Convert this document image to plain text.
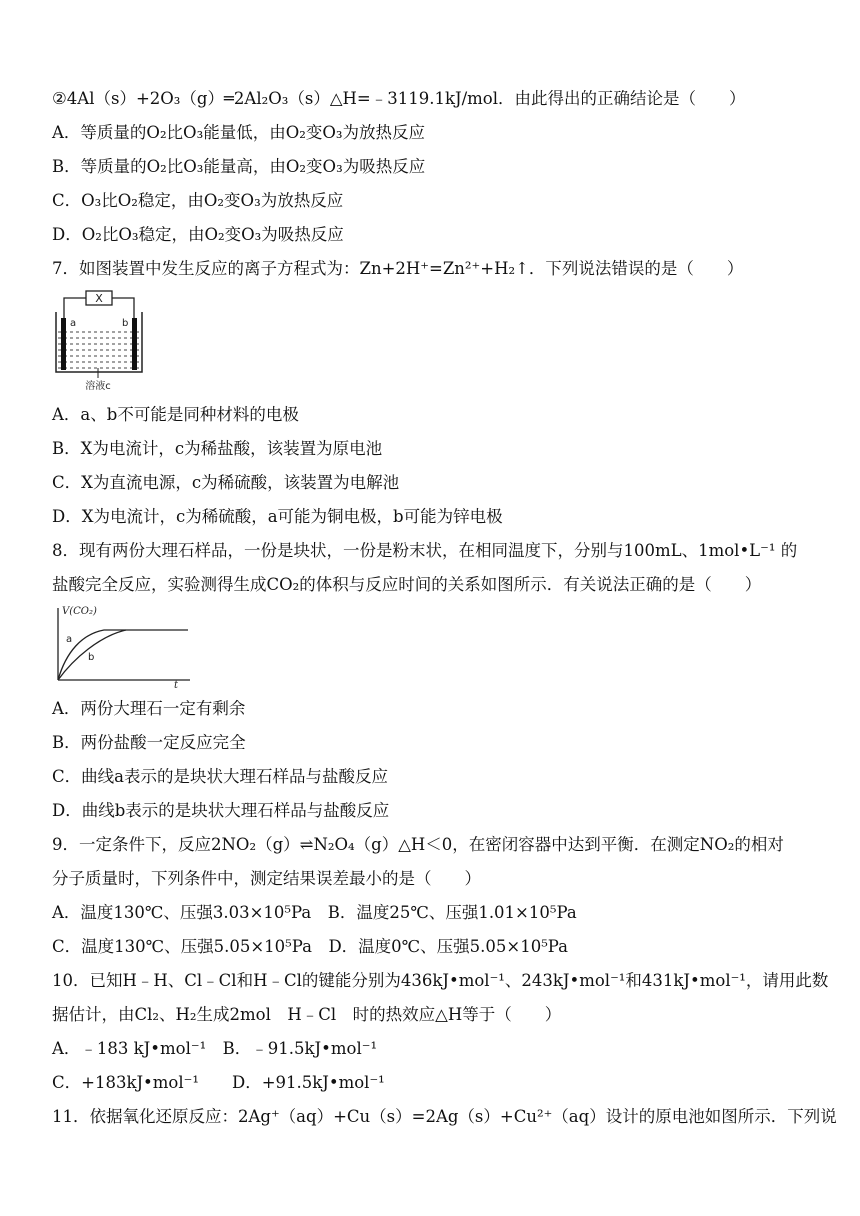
②4Al（s）+2O₃（g）═2Al₂O₃（s）△H=﹣3119.1kJ/mol．由此得出的正确结论是（　　）
A．等质量的O₂比O₃能量低，由O₂变O₃为放热反应
B．等质量的O₂比O₃能量高，由O₂变O₃为吸热反应
C．O₃比O₂稳定，由O₂变O₃为放热反应
D．O₂比O₃稳定，由O₂变O₃为吸热反应
7．如图装置中发生反应的离子方程式为：Zn+2H⁺=Zn²⁺+H₂↑．下列说法错误的是（　　）
X
a	b
溶液c
A．a、b不可能是同种材料的电极
B．X为电流计，c为稀盐酸，该装置为原电池
C．X为直流电源，c为稀硫酸，该装置为电解池
D．X为电流计，c为稀硫酸，a可能为铜电极，b可能为锌电极
8．现有两份大理石样品，一份是块状，一份是粉末状，在相同温度下，分别与100mL、1mol•L⁻¹ 的
盐酸完全反应，实验测得生成CO₂的体积与反应时间的关系如图所示．有关说法正确的是（　　）
V(CO₂)
t
a
b
A．两份大理石一定有剩余
B．两份盐酸一定反应完全
C．曲线a表示的是块状大理石样品与盐酸反应
D．曲线b表示的是块状大理石样品与盐酸反应
9．一定条件下，反应2NO₂（g）⇌N₂O₄（g）△H＜0，在密闭容器中达到平衡．在测定NO₂的相对
分子质量时，下列条件中，测定结果误差最小的是（　　）
A．温度130℃、压强3.03×10⁵Pa　B．温度25℃、压强1.01×10⁵Pa
C．温度130℃、压强5.05×10⁵Pa　D．温度0℃、压强5.05×10⁵Pa
10．已知H﹣H、Cl﹣Cl和H﹣Cl的键能分别为436kJ•mol⁻¹、243kJ•mol⁻¹和431kJ•mol⁻¹，请用此数
据估计，由Cl₂、H₂生成2mol　H﹣Cl　时的热效应△H等于（　　）
A．﹣183 kJ•mol⁻¹　B．﹣91.5kJ•mol⁻¹
C．+183kJ•mol⁻¹　　D．+91.5kJ•mol⁻¹
11．依据氧化还原反应：2Ag⁺（aq）+Cu（s）=2Ag（s）+Cu²⁺（aq）设计的原电池如图所示．下列说
